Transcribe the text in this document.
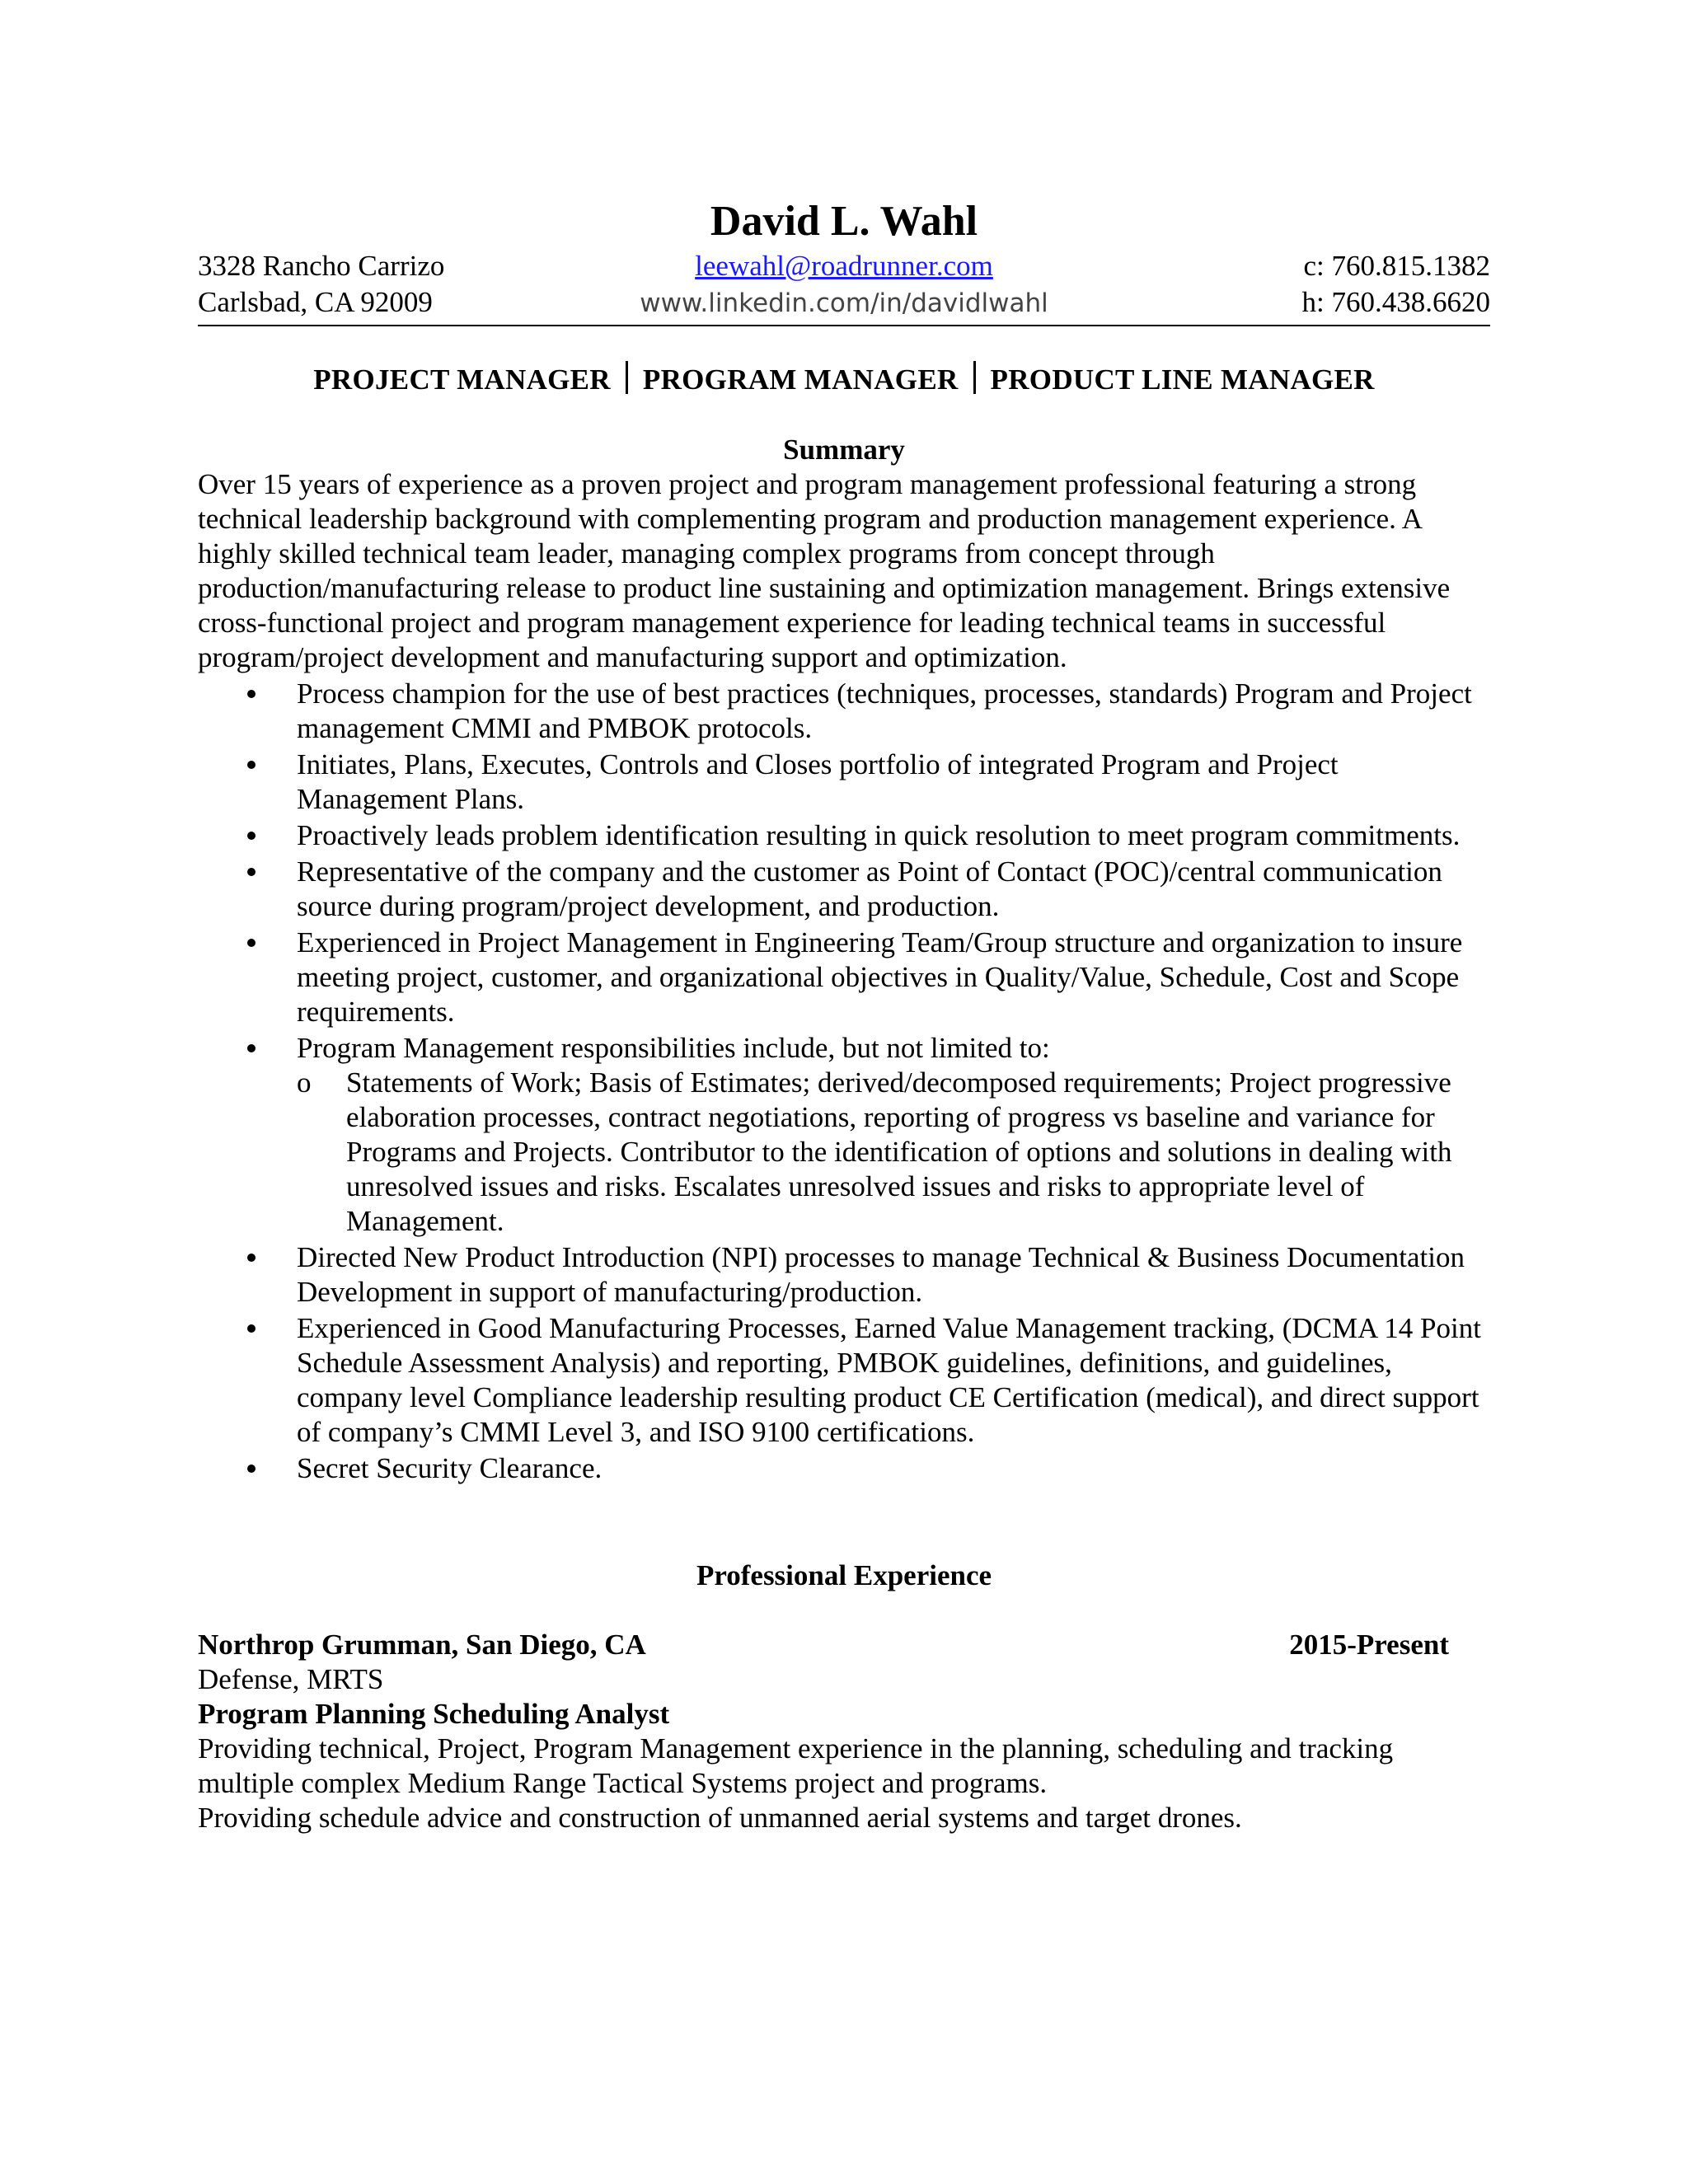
David L. Wahl
3328 Rancho Carrizo	leewahl@roadrunner.com	c: 760.815.1382
Carlsbad, CA 92009	www.linkedin.com/in/davidlwahl	h: 760.438.6620
PROJECT MANAGER PROGRAM MANAGER PRODUCT LINE MANAGER
Summary

Over 15 years of experience as a proven project and program management professional featuring a strong technical leadership background with complementing program and production management experience. A highly skilled technical team leader, managing complex programs from concept through production/manufacturing release to product line sustaining and optimization management. Brings extensive cross-functional project and program management experience for leading technical teams in successful program/project development and manufacturing support and optimization.

Process champion for the use of best practices (techniques, processes, standards) Program and Project management CMMI and PMBOK protocols.
Initiates, Plans, Executes, Controls and Closes portfolio of integrated Program and Project Management Plans.
Proactively leads problem identification resulting in quick resolution to meet program commitments.
Representative of the company and the customer as Point of Contact (POC)/central communication source during program/project development, and production.
Experienced in Project Management in Engineering Team/Group structure and organization to insure meeting project, customer, and organizational objectives in Quality/Value, Schedule, Cost and Scope requirements.
Program Management responsibilities include, but not limited to:
o Statements of Work; Basis of Estimates; derived/decomposed requirements; Project progressive elaboration processes, contract negotiations, reporting of progress vs baseline and variance for Programs and Projects. Contributor to the identification of options and solutions in dealing with unresolved issues and risks. Escalates unresolved issues and risks to appropriate level of Management.
Directed New Product Introduction (NPI) processes to manage Technical & Business Documentation Development in support of manufacturing/production.
Experienced in Good Manufacturing Processes, Earned Value Management tracking, (DCMA 14 Point Schedule Assessment Analysis) and reporting, PMBOK guidelines, definitions, and guidelines, company level Compliance leadership resulting product CE Certification (medical), and direct support of company’s CMMI Level 3, and ISO 9100 certifications.
Secret Security Clearance.
Professional Experience
Northrop Grumman, San Diego, CA	2015-Present

Defense, MRTS

Program Planning Scheduling Analyst

Providing technical, Project, Program Management experience in the planning, scheduling and tracking multiple complex Medium Range Tactical Systems project and programs.

Providing schedule advice and construction of unmanned aerial systems and target drones.
